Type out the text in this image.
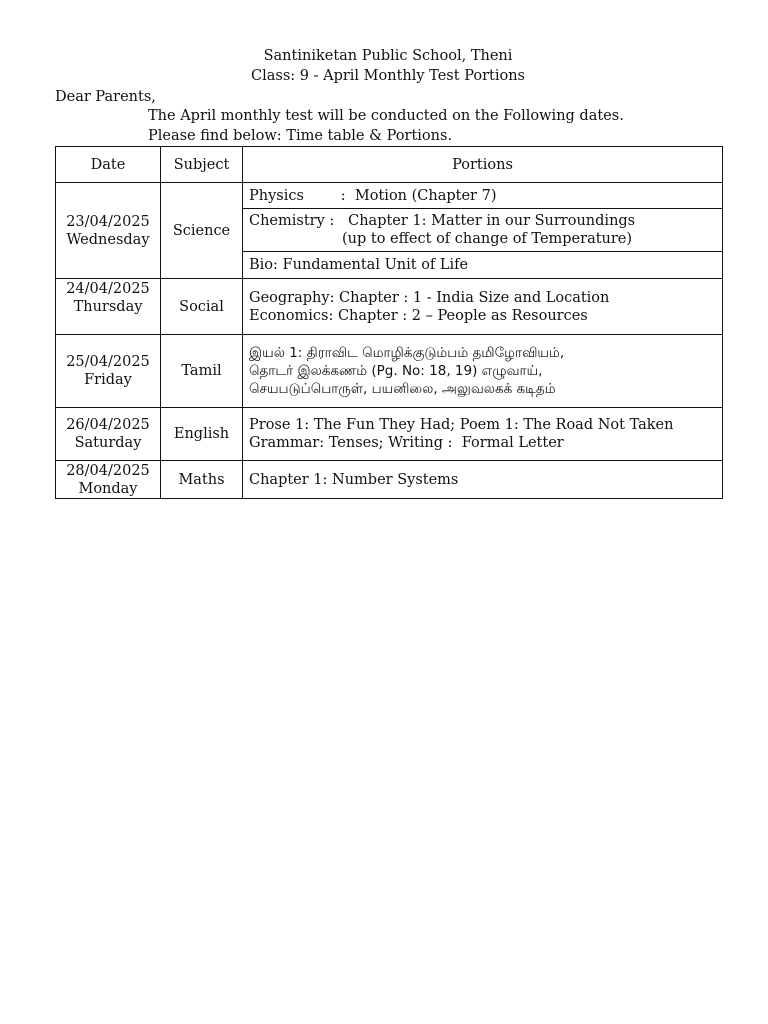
Santiniketan Public School, Theni
Class: 9 - April Monthly Test Portions
Dear Parents,
The April monthly test will be conducted on the Following dates.
Please find below: Time table & Portions.
Date	Subject	Portions

23/04/2025
Wednesday	Science	Physics        :  Motion (Chapter 7)

		Chemistry :   Chapter 1: Matter in our Surroundings
(up to effect of change of Temperature)

		Bio: Fundamental Unit of Life

24/04/2025
Thursday	Social	Geography: Chapter : 1 - India Size and Location
Economics: Chapter : 2 – People as Resources

25/04/2025
Friday	Tamil	இயல் 1: திராவிட மொழிக்குடும்பம் தமிழோவியம்,
தொடர் இலக்கணம் (Pg. No: 18, 19) எழுவாய்,
செயபடுப்பொருள், பயனிலை, அலுவலகக் கடிதம்

26/04/2025
Saturday	English	Prose 1: The Fun They Had; Poem 1: The Road Not Taken
Grammar: Tenses; Writing :  Formal Letter

28/04/2025
Monday	Maths	Chapter 1: Number Systems
